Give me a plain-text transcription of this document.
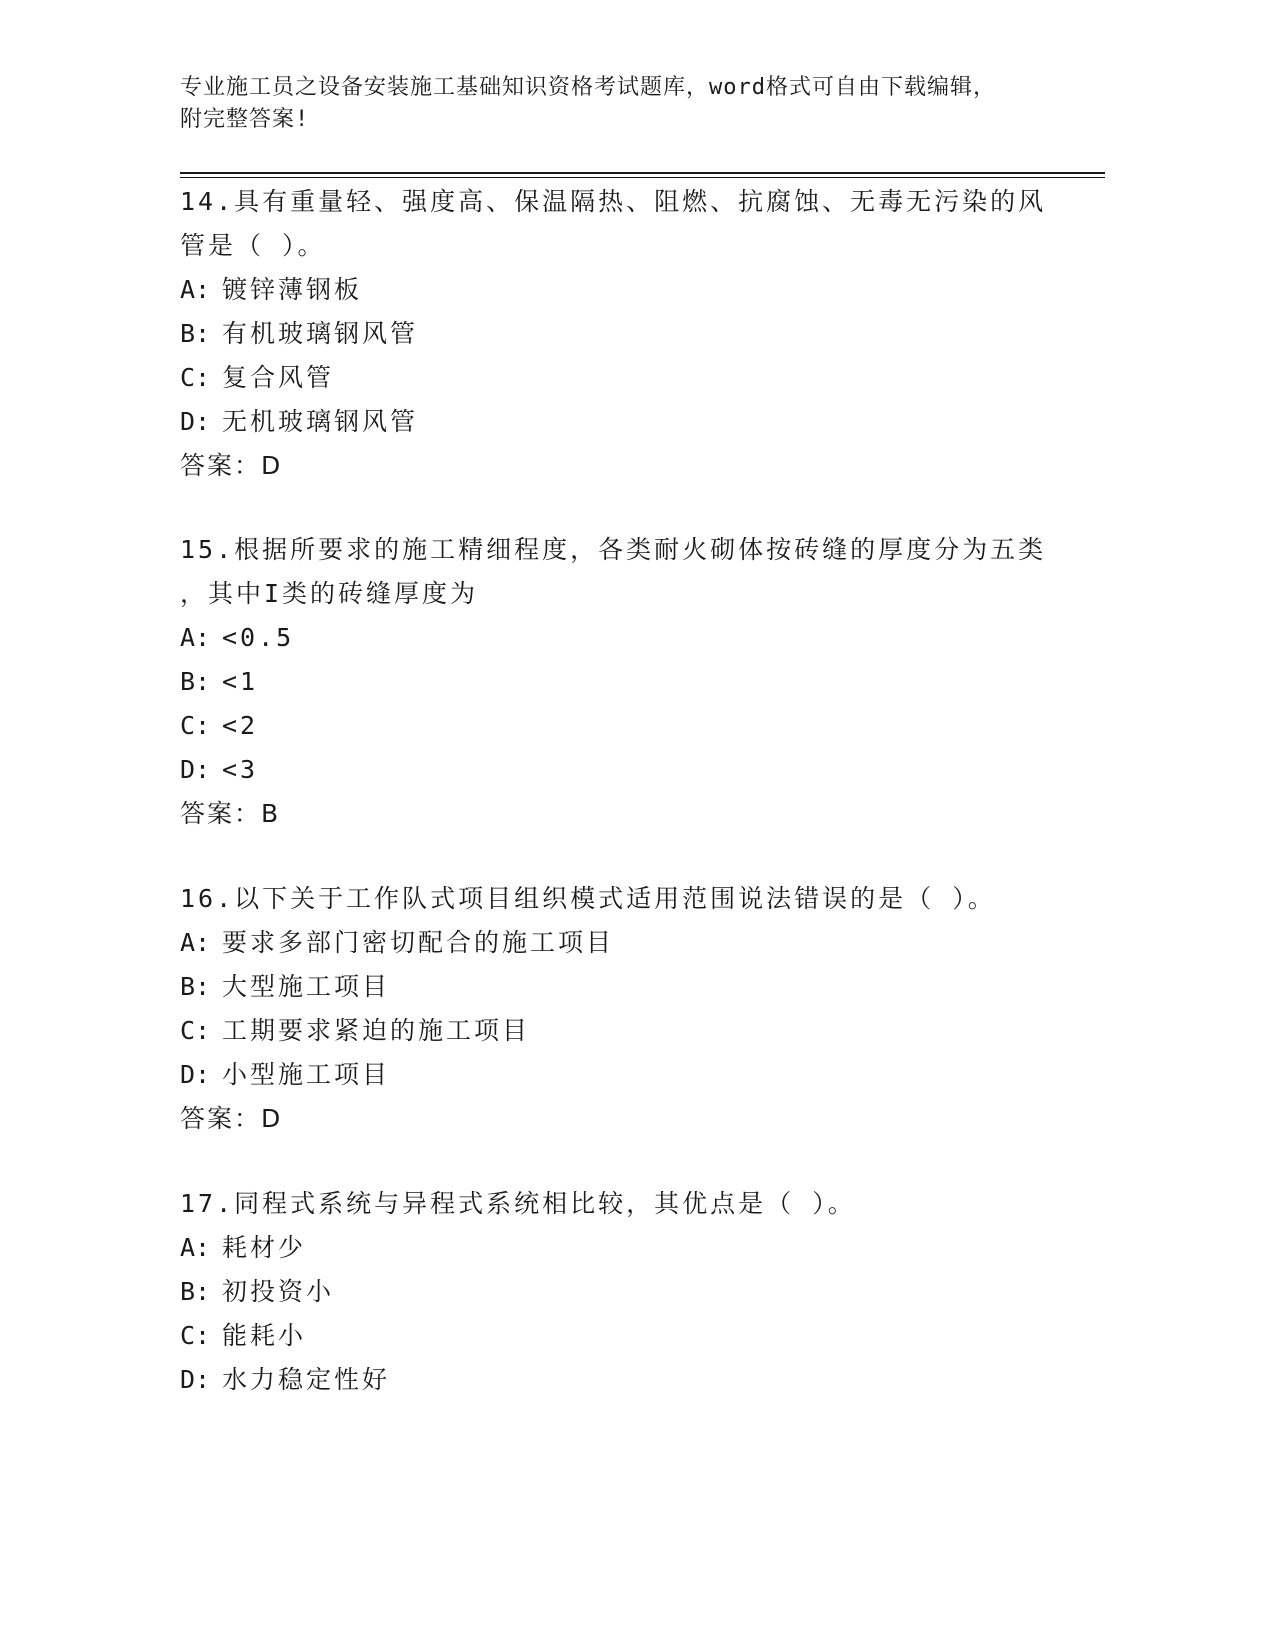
专业施工员之设备安装施工基础知识资格考试题库，word格式可自由下载编辑，
附完整答案!
14.具有重量轻、强度高、保温隔热、阻燃、抗腐蚀、无毒无污染的风
管是（ ）。
A: 镀锌薄钢板
B: 有机玻璃钢风管
C: 复合风管
D: 无机玻璃钢风管
答案：D
15.根据所要求的施工精细程度，各类耐火砌体按砖缝的厚度分为五类
，其中I类的砖缝厚度为
A: <0.5
B: <1
C: <2
D: <3
答案：B
16.以下关于工作队式项目组织模式适用范围说法错误的是（ ）。
A: 要求多部门密切配合的施工项目
B: 大型施工项目
C: 工期要求紧迫的施工项目
D: 小型施工项目
答案：D
17.同程式系统与异程式系统相比较，其优点是（ ）。
A: 耗材少
B: 初投资小
C: 能耗小
D: 水力稳定性好
